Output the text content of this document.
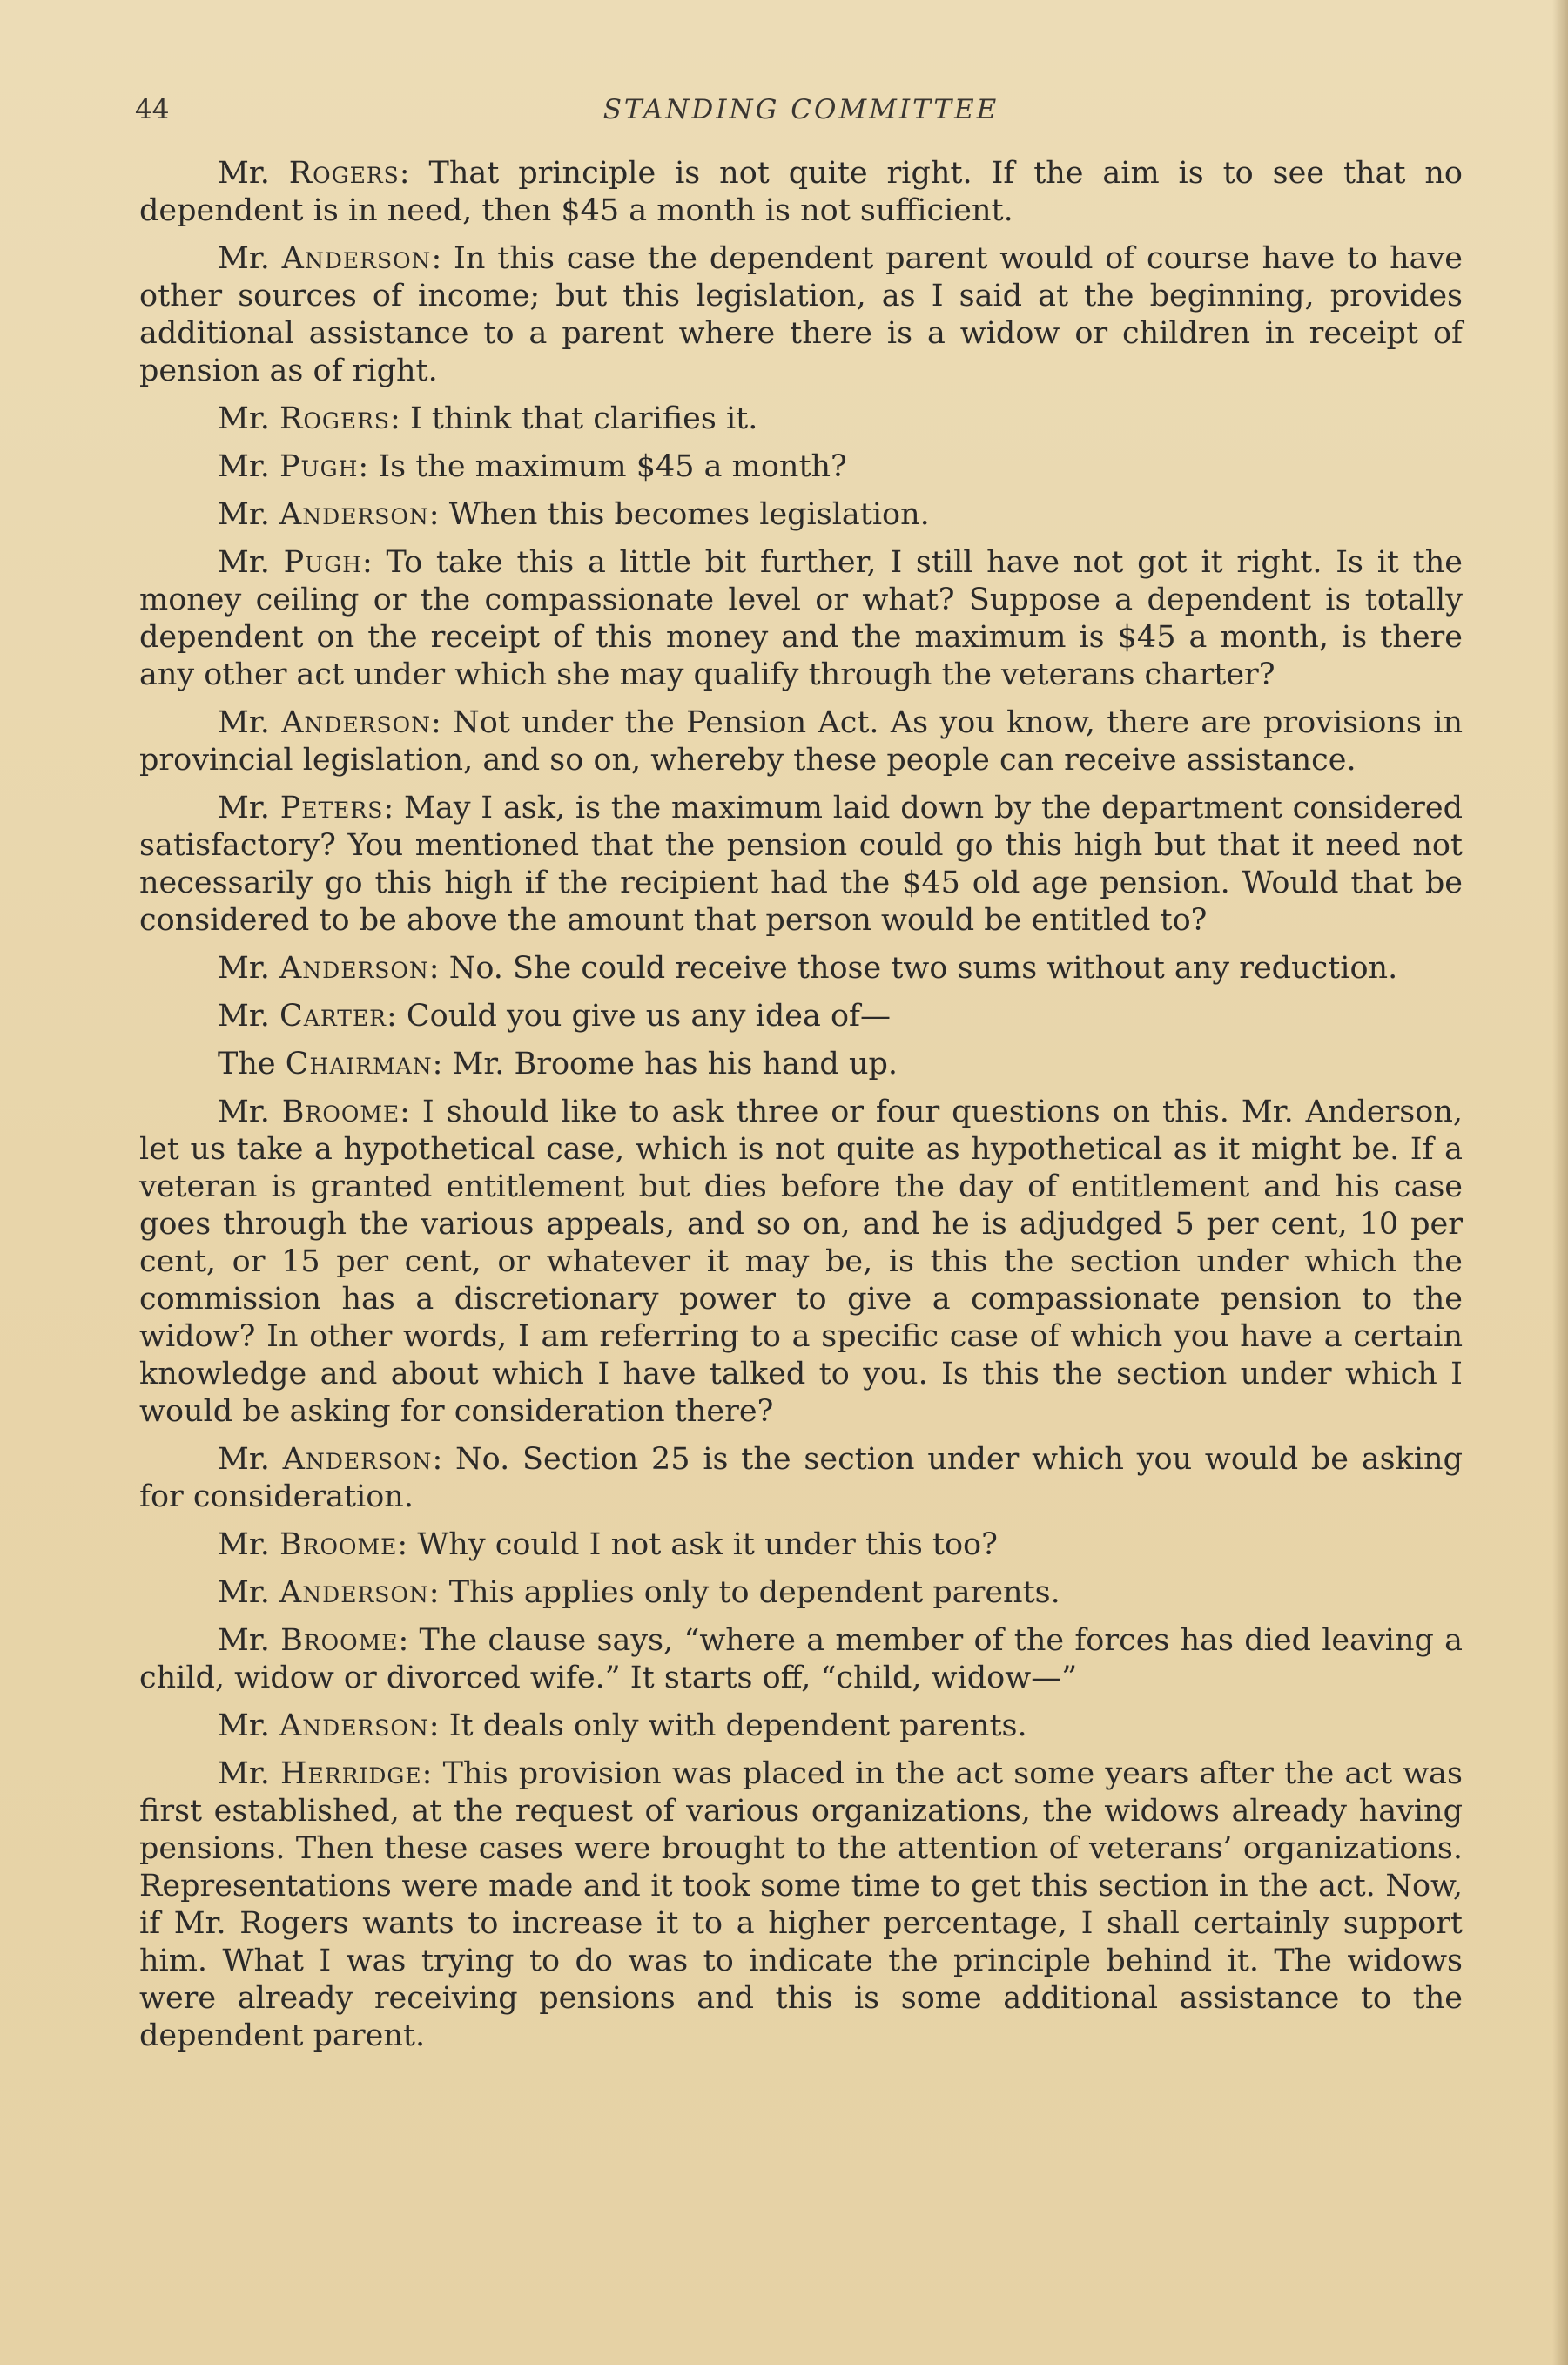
44	STANDING COMMITTEE

Mr. Rogers: That principle is not quite right. If the aim is to see that no dependent is in need, then $45 a month is not sufficient.

Mr. Anderson: In this case the dependent parent would of course have to have other sources of income; but this legislation, as I said at the beginning, provides additional assistance to a parent where there is a widow or children in receipt of pension as of right.

Mr. Rogers: I think that clarifies it.

Mr. Pugh: Is the maximum $45 a month?

Mr. Anderson: When this becomes legislation.

Mr. Pugh: To take this a little bit further, I still have not got it right. Is it the money ceiling or the compassionate level or what? Suppose a dependent is totally dependent on the receipt of this money and the maximum is $45 a month, is there any other act under which she may qualify through the veterans charter?

Mr. Anderson: Not under the Pension Act. As you know, there are provisions in provincial legislation, and so on, whereby these people can receive assistance.

Mr. Peters: May I ask, is the maximum laid down by the department considered satisfactory? You mentioned that the pension could go this high but that it need not necessarily go this high if the recipient had the $45 old age pension. Would that be considered to be above the amount that person would be entitled to?

Mr. Anderson: No. She could receive those two sums without any reduction.

Mr. Carter: Could you give us any idea of—

The Chairman: Mr. Broome has his hand up.

Mr. Broome: I should like to ask three or four questions on this. Mr. Anderson, let us take a hypothetical case, which is not quite as hypothetical as it might be. If a veteran is granted entitlement but dies before the day of entitlement and his case goes through the various appeals, and so on, and he is adjudged 5 per cent, 10 per cent, or 15 per cent, or whatever it may be, is this the section under which the commission has a discretionary power to give a compassionate pension to the widow? In other words, I am referring to a specific case of which you have a certain knowledge and about which I have talked to you. Is this the section under which I would be asking for consideration there?

Mr. Anderson: No. Section 25 is the section under which you would be asking for consideration.

Mr. Broome: Why could I not ask it under this too?

Mr. Anderson: This applies only to dependent parents.

Mr. Broome: The clause says, “where a member of the forces has died leaving a child, widow or divorced wife.” It starts off, “child, widow—”

Mr. Anderson: It deals only with dependent parents.

Mr. Herridge: This provision was placed in the act some years after the act was first established, at the request of various organizations, the widows already having pensions. Then these cases were brought to the attention of veterans’ organizations. Representations were made and it took some time to get this section in the act. Now, if Mr. Rogers wants to increase it to a higher percentage, I shall certainly support him. What I was trying to do was to indicate the principle behind it. The widows were already receiving pensions and this is some additional assistance to the dependent parent.
